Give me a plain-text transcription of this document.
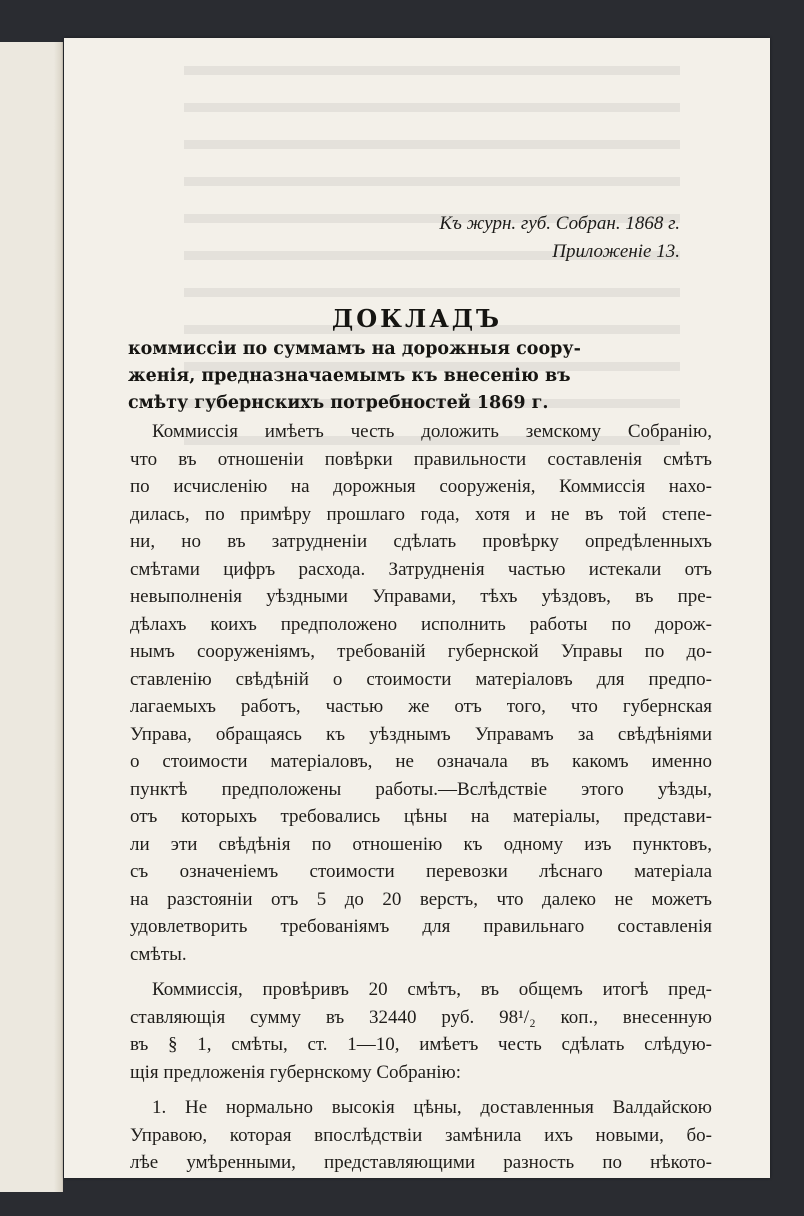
Къ журн. губ. Собран. 1868 г.
Приложеніе 13.
ДОКЛАДЪ
коммиссіи по суммамъ на дорожныя соору-
женія, предназначаемымъ къ внесенію въ
смѣту губернскихъ потребностей 1869 г.
Коммиссія имѣетъ честь доложить земскому Собранію,
что въ отношеніи повѣрки правильности составленія смѣтъ
по исчисленію на дорожныя сооруженія, Коммиссія нахо-
дилась, по примѣру прошлаго года, хотя и не въ той степе-
ни, но въ затрудненіи сдѣлать провѣрку опредѣленныхъ
смѣтами цифръ расхода. Затрудненія частью истекали отъ
невыполненія уѣздными Управами, тѣхъ уѣздовъ, въ пре-
дѣлахъ коихъ предположено исполнить работы по дорож-
нымъ сооруженіямъ, требованій губернской Управы по до-
ставленію свѣдѣній о стоимости матеріаловъ для предпо-
лагаемыхъ работъ, частью же отъ того, что губернская
Управа, обращаясь къ уѣзднымъ Управамъ за свѣдѣніями
о стоимости матеріаловъ, не означала въ какомъ именно
пунктѣ предположены работы.—Вслѣдствіе этого уѣзды,
отъ которыхъ требовались цѣны на матеріалы, представи-
ли эти свѣдѣнія по отношенію къ одному изъ пунктовъ,
съ означеніемъ стоимости перевозки лѣснаго матеріала
на разстояніи отъ 5 до 20 верстъ, что далеко не можетъ
удовлетворить требованіямъ для правильнаго составленія
смѣты.
Коммиссія, провѣривъ 20 смѣтъ, въ общемъ итогѣ пред-
ставляющія сумму въ 32440 руб. 98¹/₂ коп., внесенную
въ § 1, смѣты, ст. 1—10, имѣетъ честь сдѣлать слѣдую-
щія предложенія губернскому Собранію:
1. Не нормально высокія цѣны, доставленныя Валдайскою
Управою, которая впослѣдствіи замѣнила ихъ новыми, бо-
лѣе умѣренными, представляющими разность по нѣкото-
